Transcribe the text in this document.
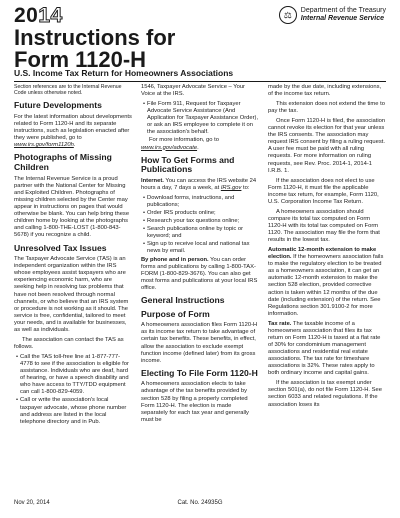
2014	⚖	Department of the Treasury
Internal Revenue Service
Instructions for
Form 1120-H
U.S. Income Tax Return for Homeowners Associations

Section references are to the Internal Revenue Code unless otherwise noted.

Future Developments

For the latest information about developments related to Form 1120-H and its separate instructions, such as legislation enacted after they were published, go to www.irs.gov/form1120h.

Photographs of Missing Children

The Internal Revenue Service is a proud partner with the National Center for Missing and Exploited Children. Photographs of missing children selected by the Center may appear in instructions on pages that would otherwise be blank. You can help bring these children home by looking at the photographs and calling 1-800-THE-LOST (1-800-843-5678) if you recognize a child.

Unresolved Tax Issues

The Taxpayer Advocate Service (TAS) is an independent organization within the IRS whose employees assist taxpayers who are experiencing economic harm, who are seeking help in resolving tax problems that have not been resolved through normal channels, or who believe that an IRS system or procedure is not working as it should. The service is free, confidential, tailored to meet your needs, and is available for businesses, as well as individuals.

The association can contact the TAS as follows.

• Call the TAS toll-free line at 1-877-777-4778 to see if the association is eligible for assistance. Individuals who are deaf, hard of hearing, or have a speech disability and who have access to TTY/TDD equipment can call 1-800-829-4059.

• Call or write the association's local taxpayer advocate, whose phone number and address are listed in the local telephone directory and in Pub.

1546, Taxpayer Advocate Service – Your Voice at the IRS.

• File Form 911, Request for Taxpayer Advocate Service Assistance (And Application for Taxpayer Assistance Order), or ask an IRS employee to complete it on the association's behalf.

For more information, go to www.irs.gov/advocate.

How To Get Forms and Publications

Internet. You can access the IRS website 24 hours a day, 7 days a week, at IRS.gov to:

• Download forms, instructions, and publications;

• Order IRS products online;

• Research your tax questions online;

• Search publications online by topic or keyword; and

• Sign up to receive local and national tax news by email.

By phone and in person. You can order forms and publications by calling 1-800-TAX-FORM (1-800-829-3676). You can also get most forms and publications at your local IRS office.

General Instructions
Purpose of Form

A homeowners association files Form 1120-H as its income tax return to take advantage of certain tax benefits. These benefits, in effect, allow the association to exclude exempt function income (defined later) from its gross income.

Electing To File Form 1120-H

A homeowners association elects to take advantage of the tax benefits provided by section 528 by filing a properly completed Form 1120-H. The election is made separately for each tax year and generally must be

made by the due date, including extensions, of the income tax return.

This extension does not extend the time to pay the tax.

Once Form 1120-H is filed, the association cannot revoke its election for that year unless the IRS consents. The association may request IRS consent by filing a ruling request. A user fee must be paid with all ruling requests. For more information on ruling requests, see Rev. Proc. 2014-1, 2014-1 I.R.B. 1.

If the association does not elect to use Form 1120-H, it must file the applicable income tax return, for example, Form 1120, U.S. Corporation Income Tax Return.

A homeowners association should compare its total tax computed on Form 1120-H with its total tax computed on Form 1120. The association may file the form that results in the lowest tax.

Automatic 12-month extension to make election. If the homeowners association fails to make the regulatory election to be treated as a homeowners association, it can get an automatic 12-month extension to make the section 528 election, provided corrective action is taken within 12 months of the due date (including extension) of the return. See Regulations section 301.9100-2 for more information.

Tax rate. The taxable income of a homeowners association that files its tax return on Form 1120-H is taxed at a flat rate of 30% for condominium management associations and residential real estate associations. The tax rate for timeshare associations is 32%. These rates apply to both ordinary income and capital gains.

If the association is tax exempt under section 501(a), do not file Form 1120-H. See section 6033 and related regulations. If the association loses its

Nov 20, 2014	Cat. No. 24935G
